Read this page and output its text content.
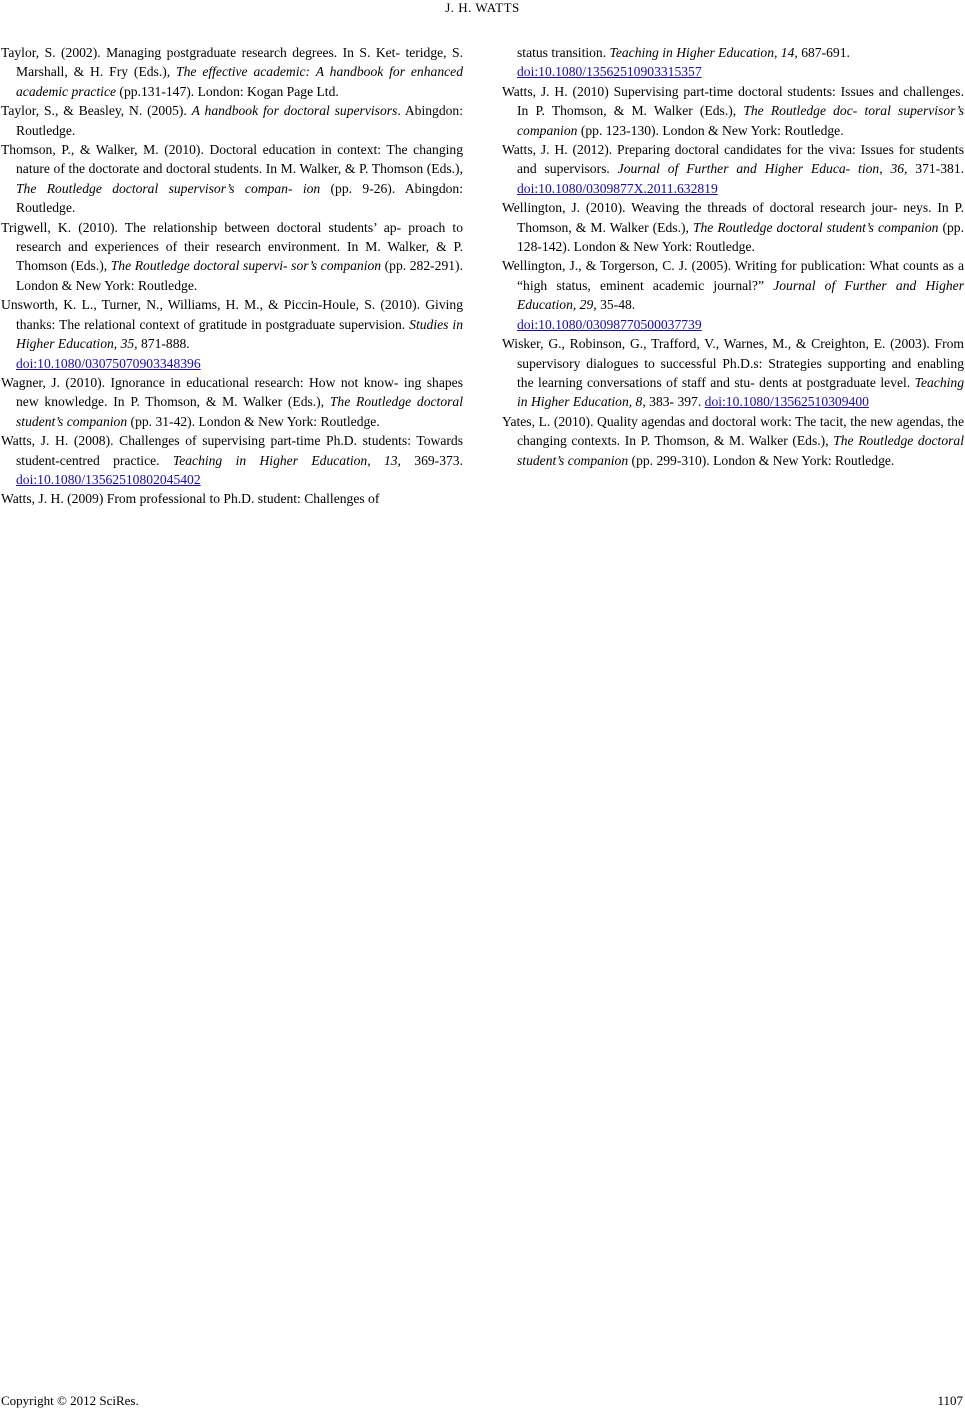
J. H. WATTS

Taylor, S. (2002). Managing postgraduate research degrees. In S. Ket- teridge, S. Marshall, & H. Fry (Eds.), The effective academic: A handbook for enhanced academic practice (pp.131-147). London: Kogan Page Ltd.

Taylor, S., & Beasley, N. (2005). A handbook for doctoral supervisors. Abingdon: Routledge.

Thomson, P., & Walker, M. (2010). Doctoral education in context: The changing nature of the doctorate and doctoral students. In M. Walker, & P. Thomson (Eds.), The Routledge doctoral supervisor’s compan- ion (pp. 9-26). Abingdon: Routledge.

Trigwell, K. (2010). The relationship between doctoral students’ ap- proach to research and experiences of their research environment. In M. Walker, & P. Thomson (Eds.), The Routledge doctoral supervi- sor’s companion (pp. 282-291). London & New York: Routledge.

Unsworth, K. L., Turner, N., Williams, H. M., & Piccin-Houle, S. (2010). Giving thanks: The relational context of gratitude in postgraduate supervision. Studies in Higher Education, 35, 871-888.
doi:10.1080/03075070903348396

Wagner, J. (2010). Ignorance in educational research: How not know- ing shapes new knowledge. In P. Thomson, & M. Walker (Eds.), The Routledge doctoral student’s companion (pp. 31-42). London & New York: Routledge.

Watts, J. H. (2008). Challenges of supervising part-time Ph.D. students: Towards student-centred practice. Teaching in Higher Education, 13, 369-373. doi:10.1080/13562510802045402

Watts, J. H. (2009) From professional to Ph.D. student: Challenges of

status transition. Teaching in Higher Education, 14, 687-691.
doi:10.1080/13562510903315357

Watts, J. H. (2010) Supervising part-time doctoral students: Issues and challenges. In P. Thomson, & M. Walker (Eds.), The Routledge doc- toral supervisor’s companion (pp. 123-130). London & New York: Routledge.

Watts, J. H. (2012). Preparing doctoral candidates for the viva: Issues for students and supervisors. Journal of Further and Higher Educa- tion, 36, 371-381. doi:10.1080/0309877X.2011.632819

Wellington, J. (2010). Weaving the threads of doctoral research jour- neys. In P. Thomson, & M. Walker (Eds.), The Routledge doctoral student’s companion (pp. 128-142). London & New York: Routledge.

Wellington, J., & Torgerson, C. J. (2005). Writing for publication: What counts as a “high status, eminent academic journal?” Journal of Further and Higher Education, 29, 35-48.
doi:10.1080/03098770500037739

Wisker, G., Robinson, G., Trafford, V., Warnes, M., & Creighton, E. (2003). From supervisory dialogues to successful Ph.D.s: Strategies supporting and enabling the learning conversations of staff and stu- dents at postgraduate level. Teaching in Higher Education, 8, 383- 397. doi:10.1080/13562510309400

Yates, L. (2010). Quality agendas and doctoral work: The tacit, the new agendas, the changing contexts. In P. Thomson, & M. Walker (Eds.), The Routledge doctoral student’s companion (pp. 299-310). London & New York: Routledge.

Copyright © 2012 SciRes.	1107
